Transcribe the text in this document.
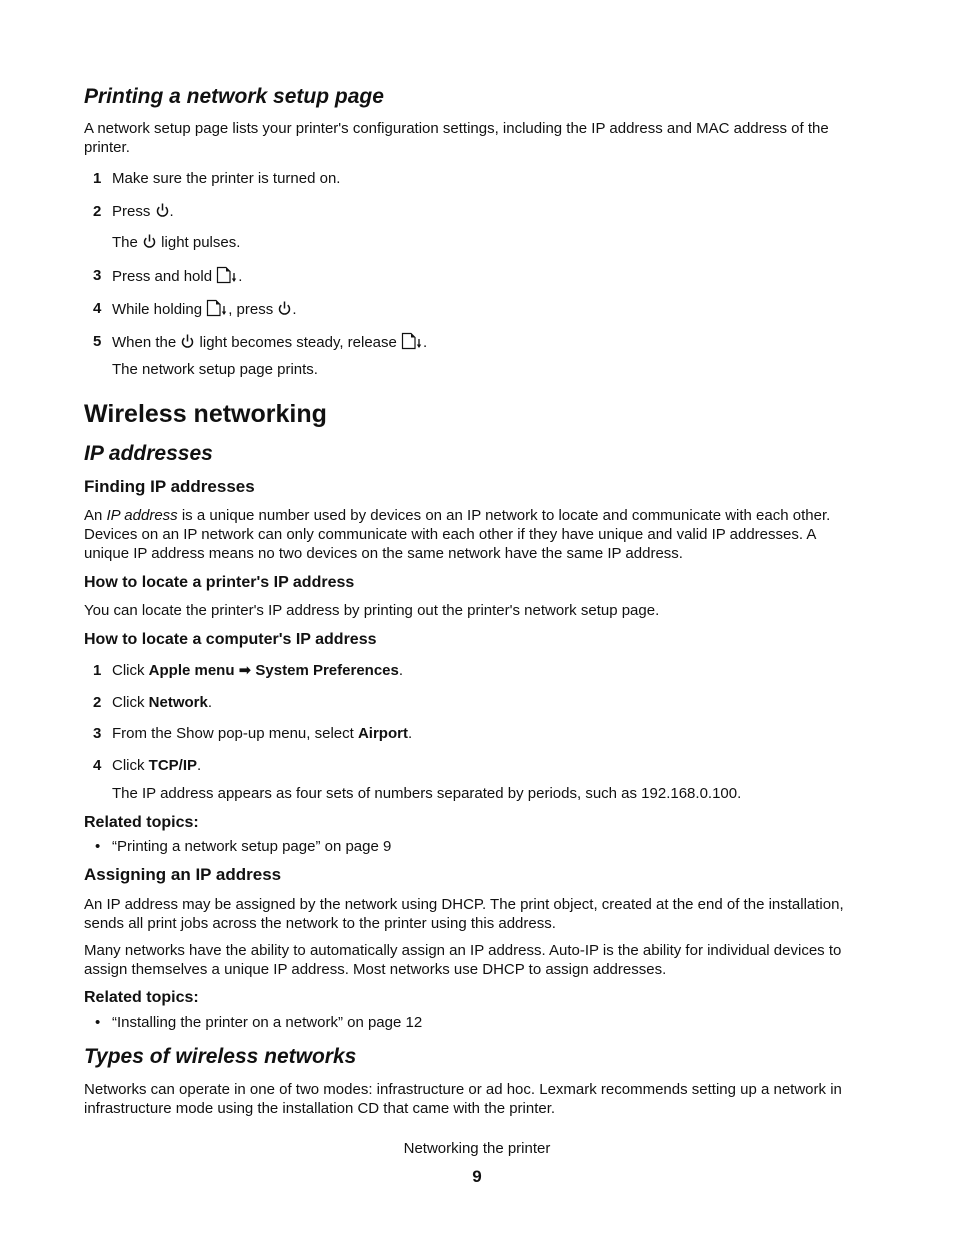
Printing a network setup page

A network setup page lists your printer's configuration settings, including the IP address and MAC address of the printer.

1 Make sure the printer is turned on.
2 Press .
The  light pulses.
3 Press and hold .
4 While holding , press .
5 When the  light becomes steady, release .
The network setup page prints.
Wireless networking
IP addresses
Finding IP addresses

An IP address is a unique number used by devices on an IP network to locate and communicate with each other.

Devices on an IP network can only communicate with each other if they have unique and valid IP addresses. A

unique IP address means no two devices on the same network have the same IP address.

How to locate a printer's IP address

You can locate the printer's IP address by printing out the printer's network setup page.

How to locate a computer's IP address
1 Click Apple menu ➡ System Preferences.
2 Click Network.
3 From the Show pop-up menu, select Airport.
4 Click TCP/IP.
The IP address appears as four sets of numbers separated by periods, such as 192.168.0.100.
Related topics:
• “Printing a network setup page” on page 9
Assigning an IP address

An IP address may be assigned by the network using DHCP. The print object, created at the end of the installation, sends all print jobs across the network to the printer using this address.

Many networks have the ability to automatically assign an IP address. Auto-IP is the ability for individual devices to assign themselves a unique IP address. Most networks use DHCP to assign addresses.

Related topics:
• “Installing the printer on a network” on page 12
Types of wireless networks

Networks can operate in one of two modes: infrastructure or ad hoc. Lexmark recommends setting up a network in infrastructure mode using the installation CD that came with the printer.

Networking the printer
9
